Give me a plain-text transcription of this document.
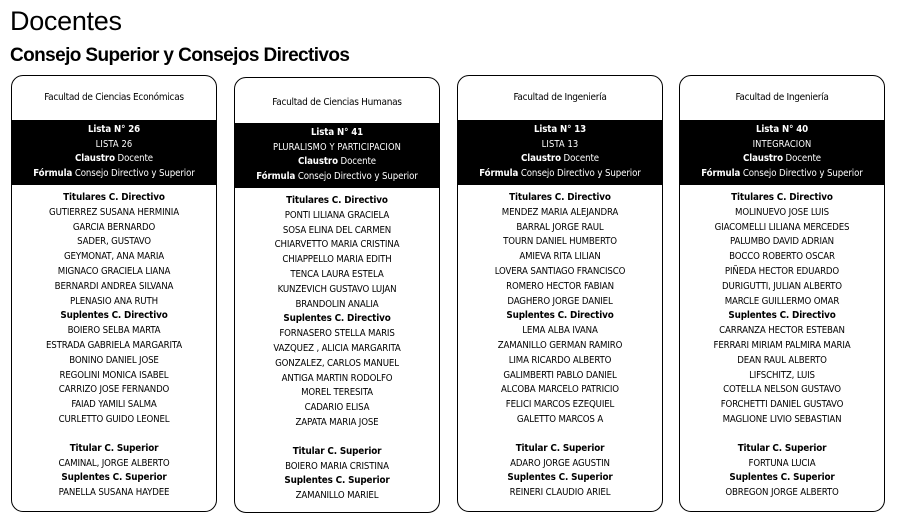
Docentes
Consejo Superior y Consejos Directivos
Facultad de Ciencias Económicas
Lista N° 26
LISTA 26
Claustro Docente
Fórmula Consejo Directivo y Superior
Titulares C. Directivo
GUTIERREZ SUSANA HERMINIA
GARCIA BERNARDO
SADER, GUSTAVO
GEYMONAT, ANA MARIA
MIGNACO GRACIELA LIANA
BERNARDI ANDREA SILVANA
PLENASIO ANA RUTH
Suplentes C. Directivo
BOIERO SELBA MARTA
ESTRADA GABRIELA MARGARITA
BONINO DANIEL JOSE
REGOLINI MONICA ISABEL
CARRIZO JOSE FERNANDO
FAIAD YAMILI SALMA
CURLETTO GUIDO LEONEL
Titular C. Superior
CAMINAL, JORGE ALBERTO
Suplentes C. Superior
PANELLA SUSANA HAYDEE
Facultad de Ciencias Humanas
Lista N° 41
PLURALISMO Y PARTICIPACION
Claustro Docente
Fórmula Consejo Directivo y Superior
Titulares C. Directivo
PONTI LILIANA GRACIELA
SOSA ELINA DEL CARMEN
CHIARVETTO MARIA CRISTINA
CHIAPPELLO MARIA EDITH
TENCA LAURA ESTELA
KUNZEVICH GUSTAVO LUJAN
BRANDOLIN ANALIA
Suplentes C. Directivo
FORNASERO STELLA MARIS
VAZQUEZ , ALICIA MARGARITA
GONZALEZ, CARLOS MANUEL
ANTIGA MARTIN RODOLFO
MOREL TERESITA
CADARIO ELISA
ZAPATA MARIA JOSE
Titular C. Superior
BOIERO MARIA CRISTINA
Suplentes C. Superior
ZAMANILLO MARIEL
Facultad de Ingeniería
Lista N° 13
LISTA 13
Claustro Docente
Fórmula Consejo Directivo y Superior
Titulares C. Directivo
MENDEZ MARIA ALEJANDRA
BARRAL JORGE RAUL
TOURN DANIEL HUMBERTO
AMIEVA RITA LILIAN
LOVERA SANTIAGO FRANCISCO
ROMERO HECTOR FABIAN
DAGHERO JORGE DANIEL
Suplentes C. Directivo
LEMA ALBA IVANA
ZAMANILLO GERMAN RAMIRO
LIMA RICARDO ALBERTO
GALIMBERTI PABLO DANIEL
ALCOBA MARCELO PATRICIO
FELICI MARCOS EZEQUIEL
GALETTO MARCOS A
Titular C. Superior
ADARO JORGE AGUSTIN
Suplentes C. Superior
REINERI CLAUDIO ARIEL
Facultad de Ingeniería
Lista N° 40
INTEGRACION
Claustro Docente
Fórmula Consejo Directivo y Superior
Titulares C. Directivo
MOLINUEVO JOSE LUIS
GIACOMELLI LILIANA MERCEDES
PALUMBO DAVID ADRIAN
BOCCO ROBERTO OSCAR
PIÑEDA HECTOR EDUARDO
DURIGUTTI, JULIAN ALBERTO
MARCLE GUILLERMO OMAR
Suplentes C. Directivo
CARRANZA HECTOR ESTEBAN
FERRARI MIRIAM PALMIRA MARIA
DEAN RAUL ALBERTO
LIFSCHITZ, LUIS
COTELLA NELSON GUSTAVO
FORCHETTI DANIEL GUSTAVO
MAGLIONE LIVIO SEBASTIAN
Titular C. Superior
FORTUNA LUCIA
Suplentes C. Superior
OBREGON JORGE ALBERTO
